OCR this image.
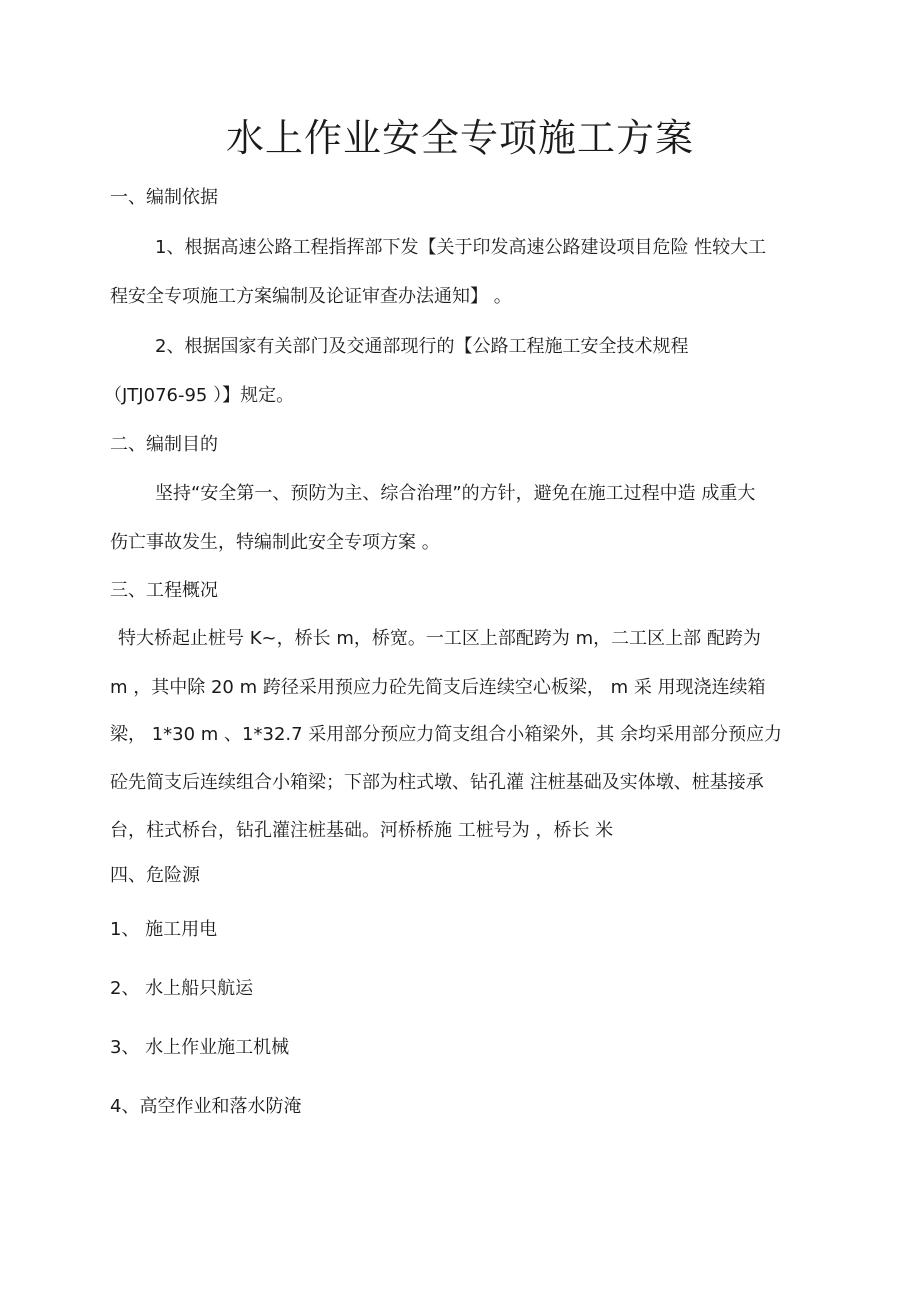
水上作业安全专项施工方案
一、编制依据
1、根据高速公路工程指挥部下发【关于印发高速公路建设项目危险 性较大工
程安全专项施工方案编制及论证审查办法通知】 。
2、根据国家有关部门及交通部现行的【公路工程施工安全技术规程
（JTJ076-95 ）】规定。
二、编制目的
坚持“安全第一、预防为主、综合治理”的方针，避免在施工过程中造 成重大
伤亡事故发生，特编制此安全专项方案 。
三、工程概况
特大桥起止桩号 K~，桥长 m，桥宽。一工区上部配跨为 m，二工区上部 配跨为
m ，其中除 20 m 跨径采用预应力砼先简支后连续空心板梁， m 采 用现浇连续箱
梁， 1*30 m 、1*32.7 采用部分预应力简支组合小箱梁外，其 余均采用部分预应力
砼先简支后连续组合小箱梁；下部为柱式墩、钻孔灌 注桩基础及实体墩、桩基接承
台，柱式桥台，钻孔灌注桩基础。河桥桥施 工桩号为 ，桥长 米
四、危险源
1、 施工用电
2、 水上船只航运
3、 水上作业施工机械
4、高空作业和落水防淹
